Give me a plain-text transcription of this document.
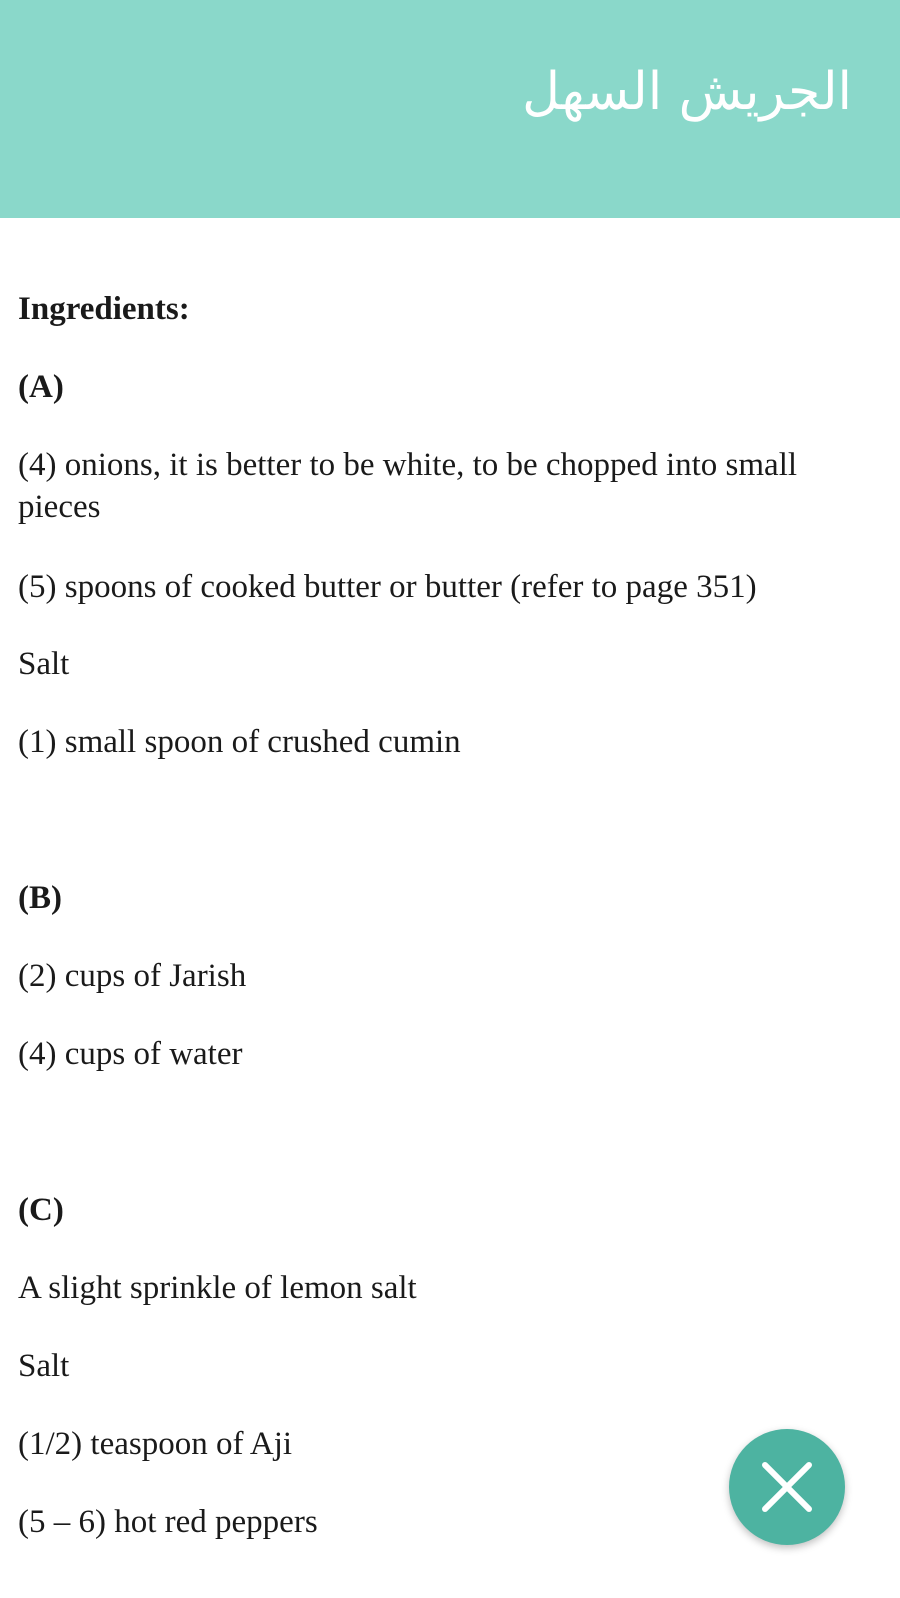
الجريش السهل
Ingredients:
(A)
(4) onions, it is better to be white, to be chopped into small pieces
(5) spoons of cooked butter or butter (refer to page 351)
Salt
(1) small spoon of crushed cumin
(B)
(2) cups of Jarish
(4) cups of water
(C)
A slight sprinkle of lemon salt
Salt
(1/2) teaspoon of Aji
(5 – 6) hot red peppers
